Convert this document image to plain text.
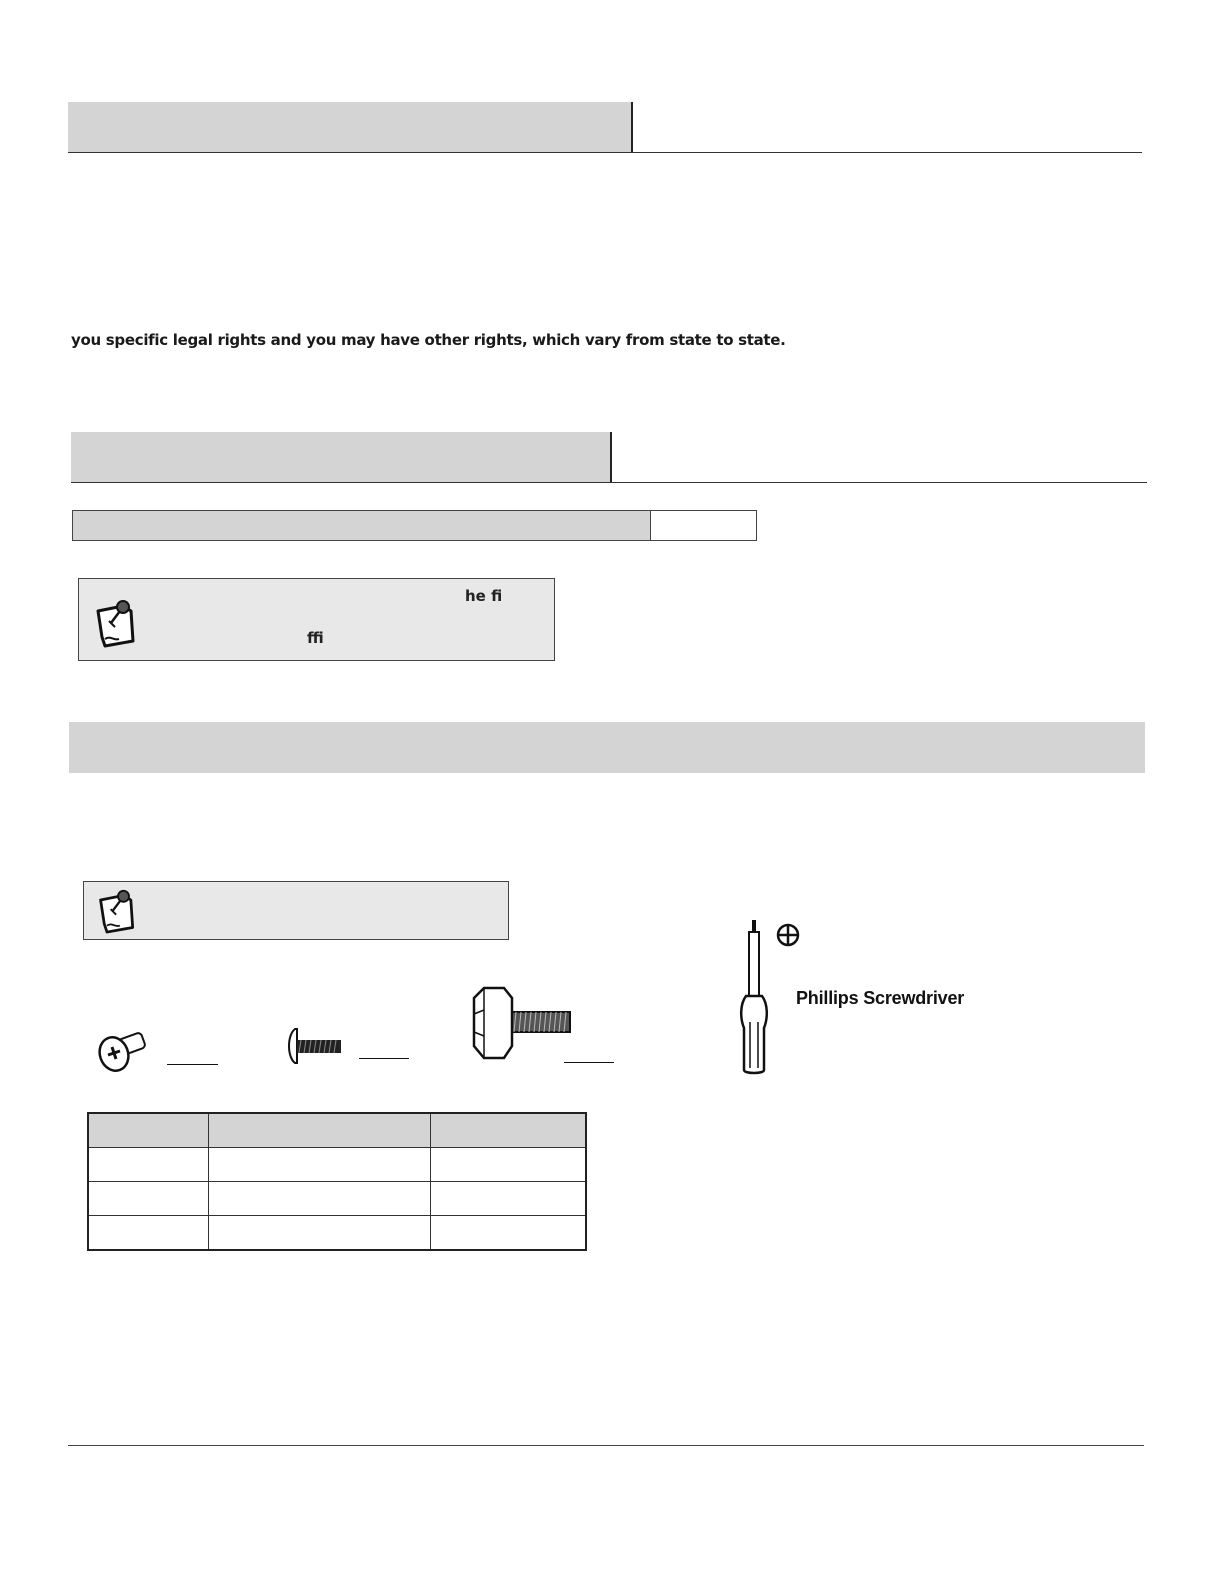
you specific legal rights and you may have other rights, which vary from state to state.
he fi
ffi
Phillips Screwdriver
